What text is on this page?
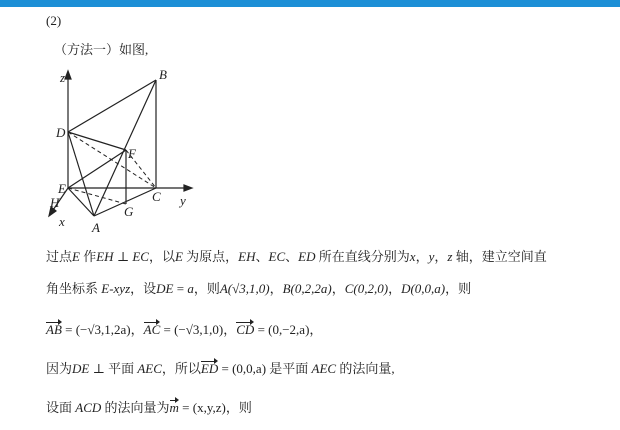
(2)
（方法一）如图,
z	B
D
F
E
C y
H
G
x A
过点E 作EH ⊥ EC，以E 为原点，EH、EC、ED 所在直线分别为x，y，z 轴，建立空间直
角坐标系 E-xyz，设DE = a，则A(√3,1,0)，B(0,2,2a)，C(0,2,0)，D(0,0,a)，则
AB = (−√3,1,2a)，AC = (−√3,1,0)，CD = (0,−2,a)，
因为DE ⊥ 平面 AEC，所以ED = (0,0,a) 是平面 AEC 的法向量,
设面 ACD 的法向量为m = (x,y,z)，则
